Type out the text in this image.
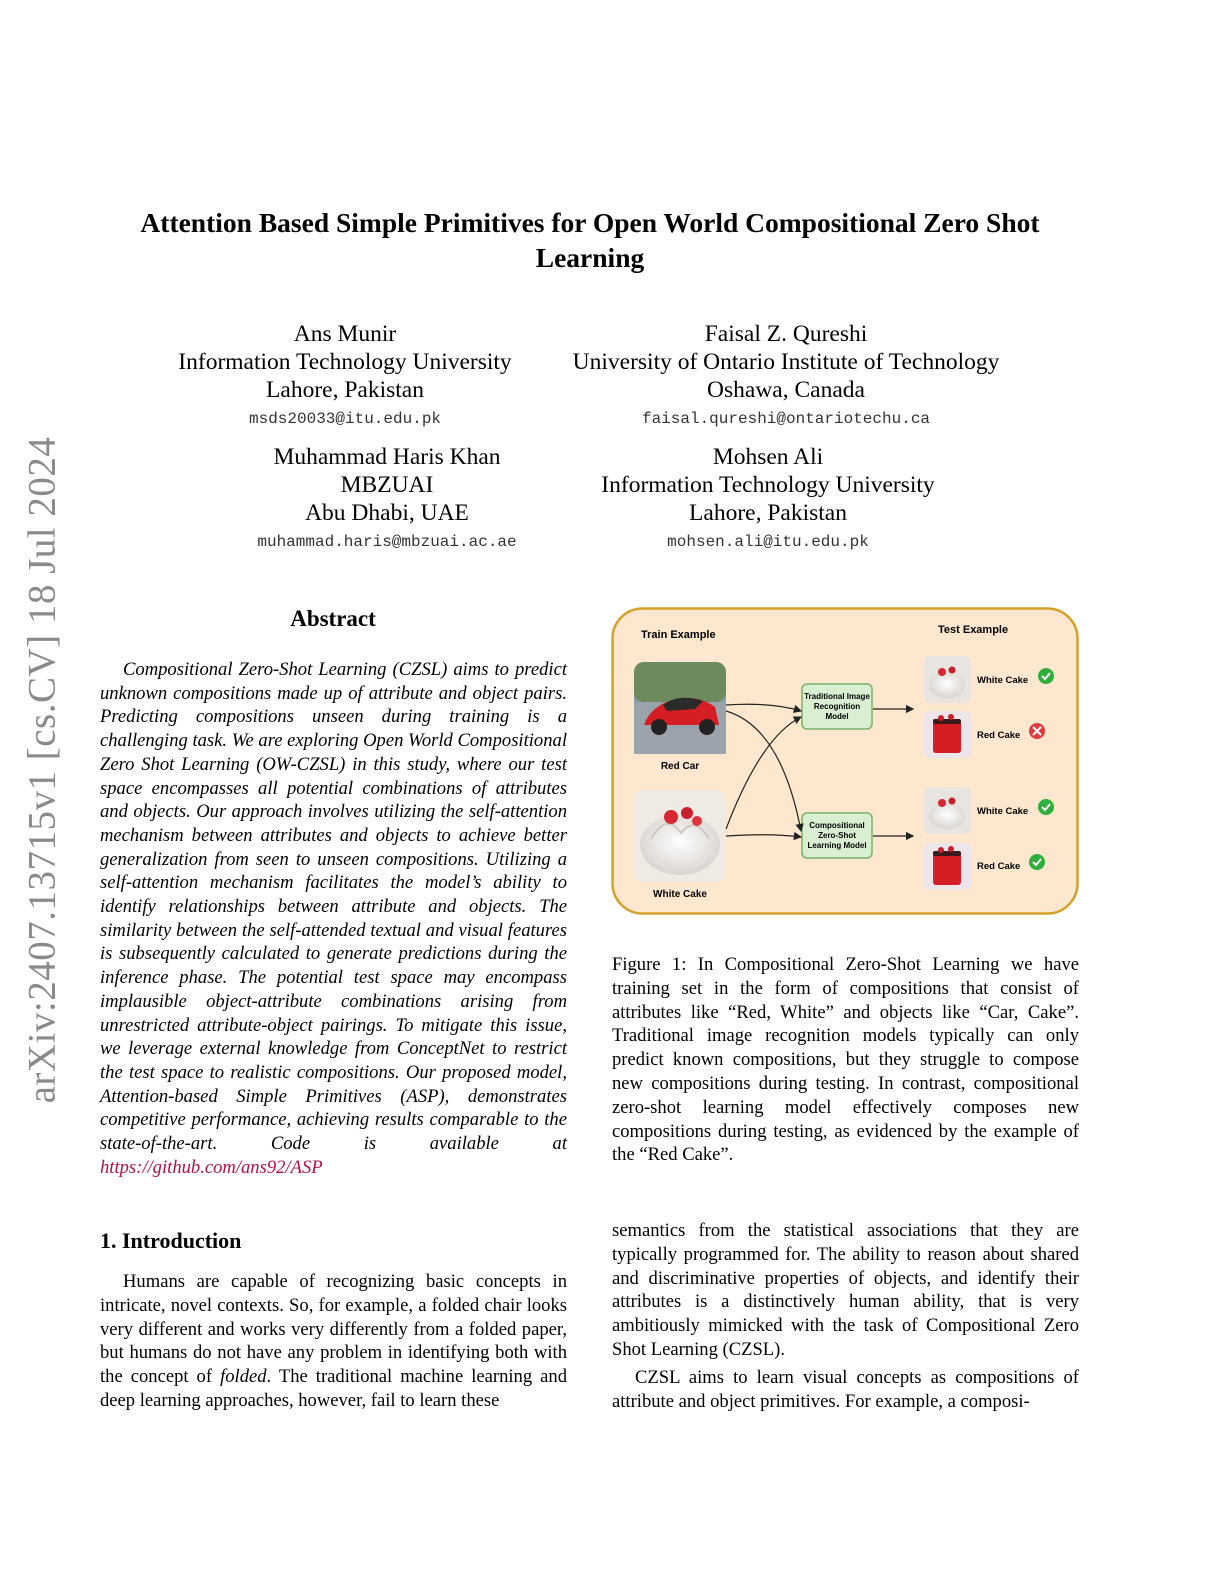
arXiv:2407.13715v1 [cs.CV] 18 Jul 2024
Attention Based Simple Primitives for Open World Compositional Zero Shot Learning
Ans Munir
Information Technology University
Lahore, Pakistan
msds20033@itu.edu.pk
Faisal Z. Qureshi
University of Ontario Institute of Technology
Oshawa, Canada
faisal.qureshi@ontariotechu.ca
Muhammad Haris Khan
MBZUAI
Abu Dhabi, UAE
muhammad.haris@mbzuai.ac.ae
Mohsen Ali
Information Technology University
Lahore, Pakistan
mohsen.ali@itu.edu.pk
Abstract

Compositional Zero-Shot Learning (CZSL) aims to predict unknown compositions made up of attribute and object pairs. Predicting compositions unseen during training is a challenging task. We are exploring Open World Compositional Zero Shot Learning (OW-CZSL) in this study, where our test space encompasses all potential combinations of attributes and objects. Our approach involves utilizing the self-attention mechanism between attributes and objects to achieve better generalization from seen to unseen compositions. Utilizing a self-attention mechanism facilitates the model’s ability to identify relationships between attribute and objects. The similarity between the self-attended textual and visual features is subsequently calculated to generate predictions during the inference phase. The potential test space may encompass implausible object-attribute combinations arising from unrestricted attribute-object pairings. To mitigate this issue, we leverage external knowledge from ConceptNet to restrict the test space to realistic compositions. Our proposed model, Attention-based Simple Primitives (ASP), demonstrates competitive performance, achieving results comparable to the state-of-the-art. Code is available at https://github.com/ans92/ASP

Train Example	Test Example
Red Car
White Cake
Traditional Image
Recognition
Model
Compositional
Zero-Shot
Learning Model
White Cake
Red Cake
White Cake
Red Cake
Figure 1: In Compositional Zero-Shot Learning we have training set in the form of compositions that consist of attributes like “Red, White” and objects like “Car, Cake”. Traditional image recognition models typically can only predict known compositions, but they struggle to compose new compositions during testing. In contrast, compositional zero-shot learning model effectively composes new compositions during testing, as evidenced by the example of the “Red Cake”.
1. Introduction

Humans are capable of recognizing basic concepts in intricate, novel contexts. So, for example, a folded chair looks very different and works very differently from a folded paper, but humans do not have any problem in identifying both with the concept of folded. The traditional machine learning and deep learning approaches, however, fail to learn these

semantics from the statistical associations that they are typically programmed for. The ability to reason about shared and discriminative properties of objects, and identify their attributes is a distinctively human ability, that is very ambitiously mimicked with the task of Compositional Zero Shot Learning (CZSL).

CZSL aims to learn visual concepts as compositions of attribute and object primitives. For example, a composi-
